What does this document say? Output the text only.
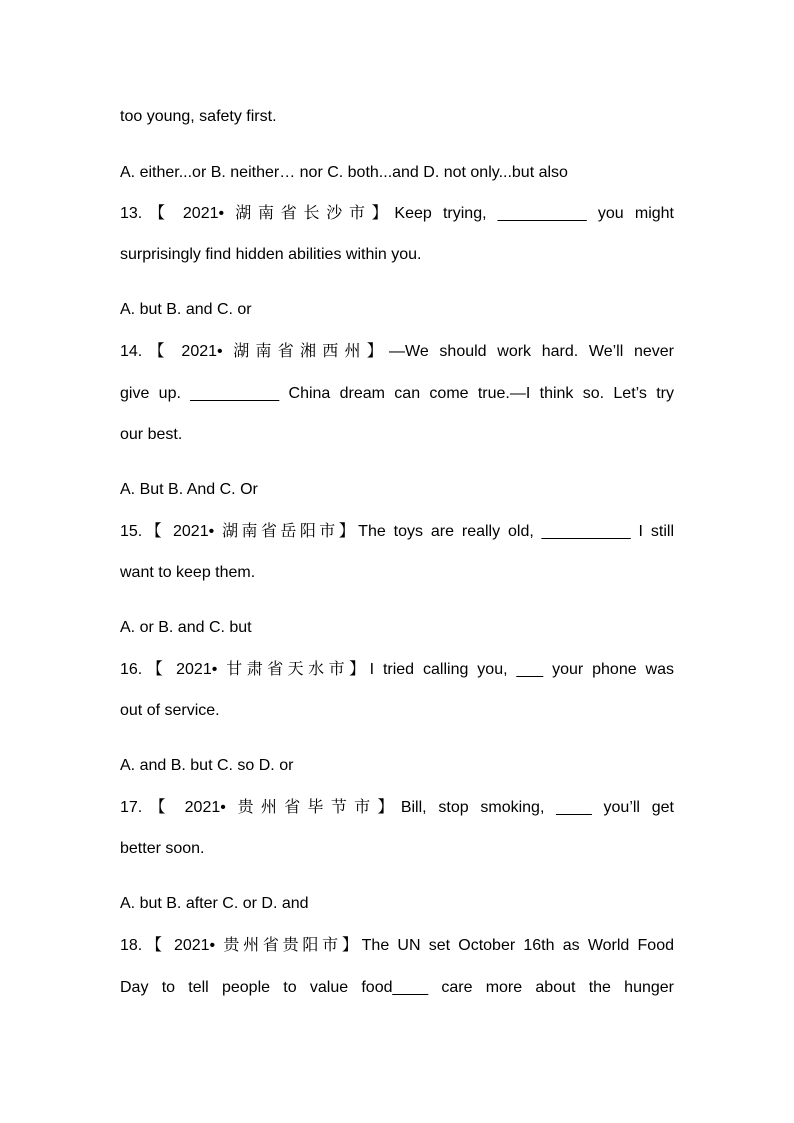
too young, safety first.
A. either...or B. neither… nor C. both...and D. not only...but also
13.【 2021• 湖南省长沙市】Keep trying, __________ you might
surprisingly find hidden abilities within you.
A. but B. and C. or
14.【 2021• 湖南省湘西州】—We should work hard. We’ll never
give up. __________ China dream can come true.—I think so. Let’s try
our best.
A. But B. And C. Or
15.【 2021• 湖南省岳阳市】The toys are really old, __________ I still
want to keep them.
A. or B. and C. but
16.【 2021• 甘肃省天水市】I tried calling you, ___ your phone was
out of service.
A. and B. but C. so D. or
17.【 2021• 贵州省毕节市】Bill, stop smoking, ____ you’ll get
better soon.
A. but B. after C. or D. and
18.【 2021• 贵州省贵阳市】The UN set October 16th as World Food
Day to tell people to value food____ care more about the hunger
